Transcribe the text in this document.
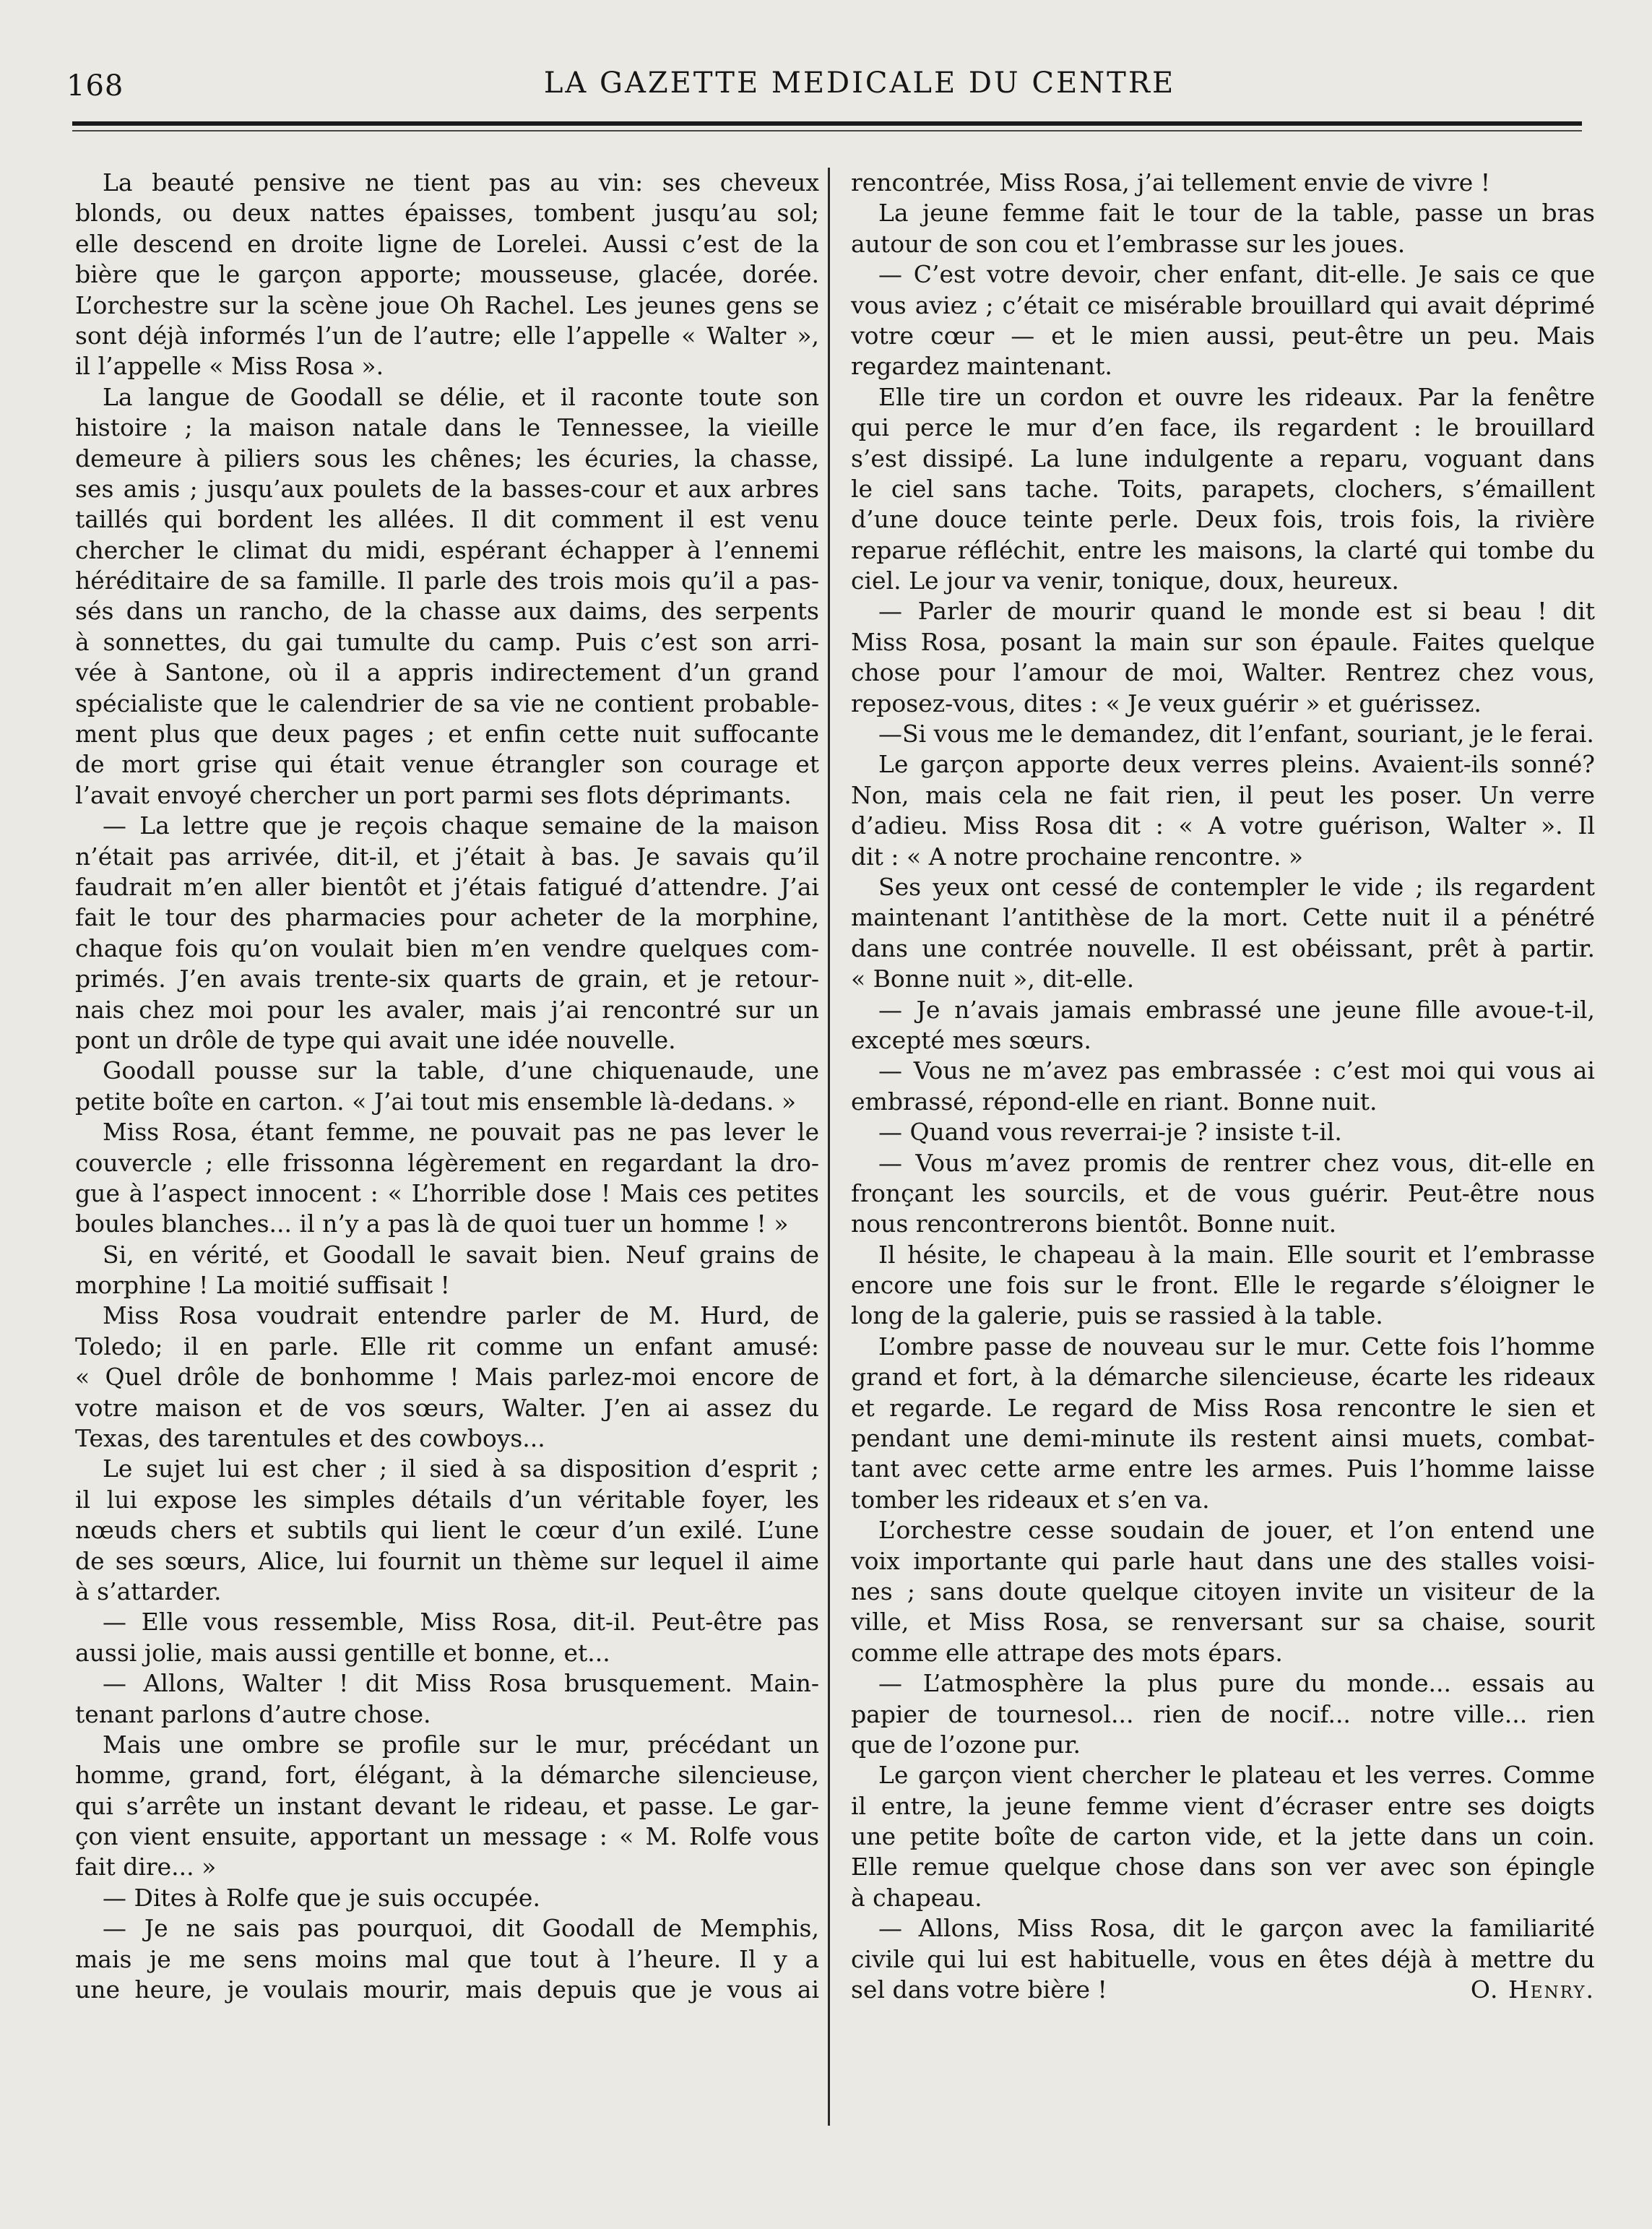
168	LA GAZETTE MEDICALE DU CENTRE
La beauté pensive ne tient pas au vin: ses cheveux
blonds, ou deux nattes épaisses, tombent jusqu’au sol;
elle descend en droite ligne de Lorelei. Aussi c’est de la
bière que le garçon apporte; mousseuse, glacée, dorée.
L’orchestre sur la scène joue Oh Rachel. Les jeunes gens se
sont déjà informés l’un de l’autre; elle l’appelle « Walter »,
il l’appelle « Miss Rosa ».
La langue de Goodall se délie, et il raconte toute son
histoire ; la maison natale dans le Tennessee, la vieille
demeure à piliers sous les chênes; les écuries, la chasse,
ses amis ; jusqu’aux poulets de la basses-cour et aux arbres
taillés qui bordent les allées. Il dit comment il est venu
chercher le climat du midi, espérant échapper à l’ennemi
héréditaire de sa famille. Il parle des trois mois qu’il a pas-
sés dans un rancho, de la chasse aux daims, des serpents
à sonnettes, du gai tumulte du camp. Puis c’est son arri-
vée à Santone, où il a appris indirectement d’un grand
spécialiste que le calendrier de sa vie ne contient probable-
ment plus que deux pages ; et enfin cette nuit suffocante
de mort grise qui était venue étrangler son courage et
l’avait envoyé chercher un port parmi ses flots déprimants.
— La lettre que je reçois chaque semaine de la maison
n’était pas arrivée, dit-il, et j’était à bas. Je savais qu’il
faudrait m’en aller bientôt et j’étais fatigué d’attendre. J’ai
fait le tour des pharmacies pour acheter de la morphine,
chaque fois qu’on voulait bien m’en vendre quelques com-
primés. J’en avais trente-six quarts de grain, et je retour-
nais chez moi pour les avaler, mais j’ai rencontré sur un
pont un drôle de type qui avait une idée nouvelle.
Goodall pousse sur la table, d’une chiquenaude, une
petite boîte en carton. « J’ai tout mis ensemble là-dedans. »
Miss Rosa, étant femme, ne pouvait pas ne pas lever le
couvercle ; elle frissonna légèrement en regardant la dro-
gue à l’aspect innocent : « L’horrible dose ! Mais ces petites
boules blanches... il n’y a pas là de quoi tuer un homme ! »
Si, en vérité, et Goodall le savait bien. Neuf grains de
morphine ! La moitié suffisait !
Miss Rosa voudrait entendre parler de M. Hurd, de
Toledo; il en parle. Elle rit comme un enfant amusé:
« Quel drôle de bonhomme ! Mais parlez-moi encore de
votre maison et de vos sœurs, Walter. J’en ai assez du
Texas, des tarentules et des cowboys...
Le sujet lui est cher ; il sied à sa disposition d’esprit ;
il lui expose les simples détails d’un véritable foyer, les
nœuds chers et subtils qui lient le cœur d’un exilé. L’une
de ses sœurs, Alice, lui fournit un thème sur lequel il aime
à s’attarder.
— Elle vous ressemble, Miss Rosa, dit-il. Peut-être pas
aussi jolie, mais aussi gentille et bonne, et...
— Allons, Walter ! dit Miss Rosa brusquement. Main-
tenant parlons d’autre chose.
Mais une ombre se profile sur le mur, précédant un
homme, grand, fort, élégant, à la démarche silencieuse,
qui s’arrête un instant devant le rideau, et passe. Le gar-
çon vient ensuite, apportant un message : « M. Rolfe vous
fait dire... »
— Dites à Rolfe que je suis occupée.
— Je ne sais pas pourquoi, dit Goodall de Memphis,
mais je me sens moins mal que tout à l’heure. Il y a
une heure, je voulais mourir, mais depuis que je vous ai
rencontrée, Miss Rosa, j’ai tellement envie de vivre !
La jeune femme fait le tour de la table, passe un bras
autour de son cou et l’embrasse sur les joues.
— C’est votre devoir, cher enfant, dit-elle. Je sais ce que
vous aviez ; c’était ce misérable brouillard qui avait déprimé
votre cœur — et le mien aussi, peut-être un peu. Mais
regardez maintenant.
Elle tire un cordon et ouvre les rideaux. Par la fenêtre
qui perce le mur d’en face, ils regardent : le brouillard
s’est dissipé. La lune indulgente a reparu, voguant dans
le ciel sans tache. Toits, parapets, clochers, s’émaillent
d’une douce teinte perle. Deux fois, trois fois, la rivière
reparue réfléchit, entre les maisons, la clarté qui tombe du
ciel. Le jour va venir, tonique, doux, heureux.
— Parler de mourir quand le monde est si beau ! dit
Miss Rosa, posant la main sur son épaule. Faites quelque
chose pour l’amour de moi, Walter. Rentrez chez vous,
reposez-vous, dites : « Je veux guérir » et guérissez.
—Si vous me le demandez, dit l’enfant, souriant, je le ferai.
Le garçon apporte deux verres pleins. Avaient-ils sonné?
Non, mais cela ne fait rien, il peut les poser. Un verre
d’adieu. Miss Rosa dit : « A votre guérison, Walter ». Il
dit : « A notre prochaine rencontre. »
Ses yeux ont cessé de contempler le vide ; ils regardent
maintenant l’antithèse de la mort. Cette nuit il a pénétré
dans une contrée nouvelle. Il est obéissant, prêt à partir.
« Bonne nuit », dit-elle.
— Je n’avais jamais embrassé une jeune fille avoue-t-il,
excepté mes sœurs.
— Vous ne m’avez pas embrassée : c’est moi qui vous ai
embrassé, répond-elle en riant. Bonne nuit.
— Quand vous reverrai-je ? insiste t-il.
— Vous m’avez promis de rentrer chez vous, dit-elle en
fronçant les sourcils, et de vous guérir. Peut-être nous
nous rencontrerons bientôt. Bonne nuit.
Il hésite, le chapeau à la main. Elle sourit et l’embrasse
encore une fois sur le front. Elle le regarde s’éloigner le
long de la galerie, puis se rassied à la table.
L’ombre passe de nouveau sur le mur. Cette fois l’homme
grand et fort, à la démarche silencieuse, écarte les rideaux
et regarde. Le regard de Miss Rosa rencontre le sien et
pendant une demi-minute ils restent ainsi muets, combat-
tant avec cette arme entre les armes. Puis l’homme laisse
tomber les rideaux et s’en va.
L’orchestre cesse soudain de jouer, et l’on entend une
voix importante qui parle haut dans une des stalles voisi-
nes ; sans doute quelque citoyen invite un visiteur de la
ville, et Miss Rosa, se renversant sur sa chaise, sourit
comme elle attrape des mots épars.
— L’atmosphère la plus pure du monde... essais au
papier de tournesol... rien de nocif... notre ville... rien
que de l’ozone pur.
Le garçon vient chercher le plateau et les verres. Comme
il entre, la jeune femme vient d’écraser entre ses doigts
une petite boîte de carton vide, et la jette dans un coin.
Elle remue quelque chose dans son ver avec son épingle
à chapeau.
— Allons, Miss Rosa, dit le garçon avec la familiarité
civile qui lui est habituelle, vous en êtes déjà à mettre du
sel dans votre bière !	O. Henry.
